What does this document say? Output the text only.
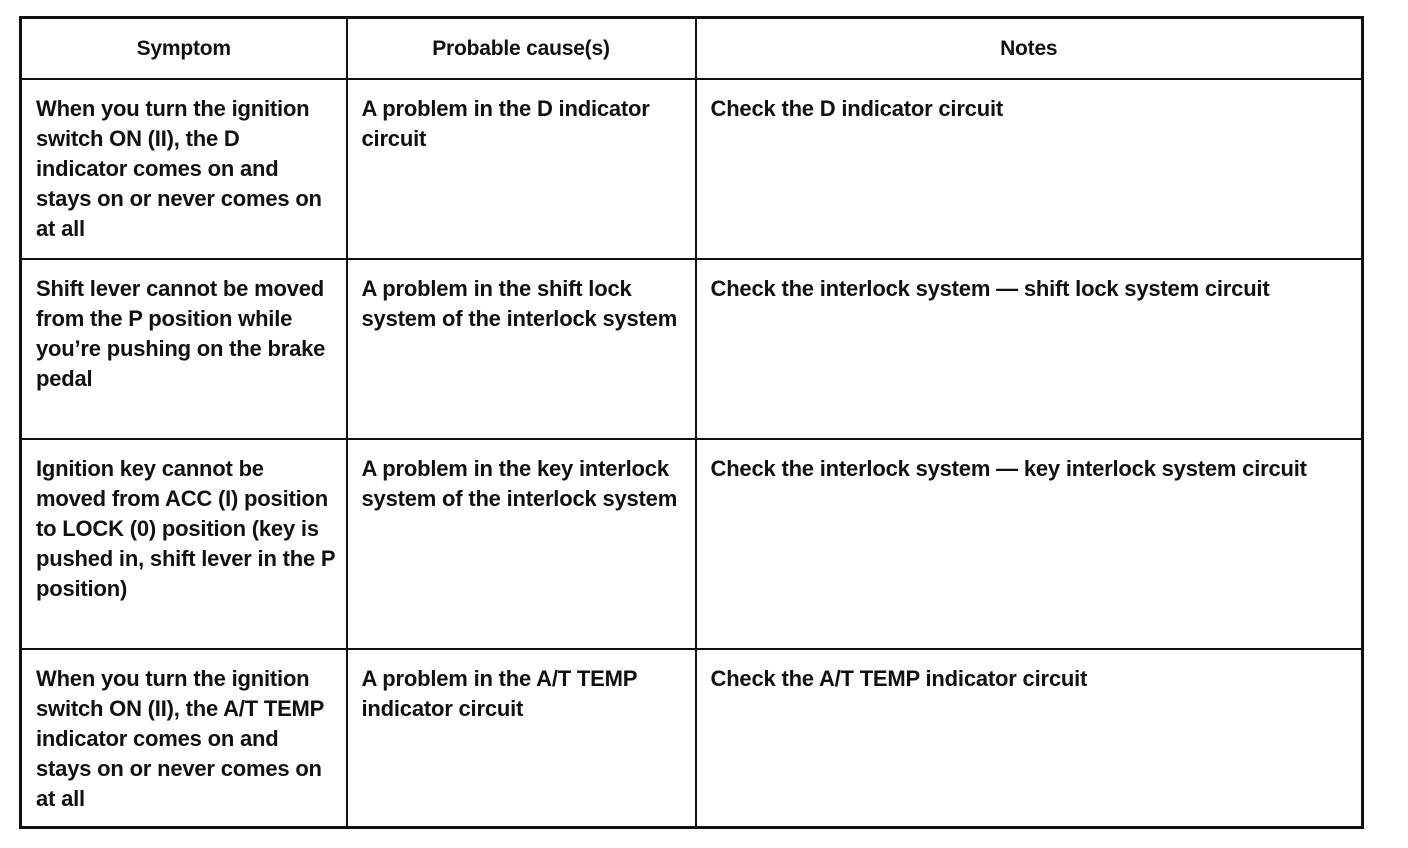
Symptom	Probable cause(s)	Notes
When you turn the ignition switch ON (II), the D indicator comes on and stays on or never comes on at all	A problem in the D indicator circuit	Check the D indicator circuit
Shift lever cannot be moved from the P position while you’re pushing on the brake pedal	A problem in the shift lock system of the interlock system	Check the interlock system — shift lock system circuit
Ignition key cannot be moved from ACC (I) position to LOCK (0) position (key is pushed in, shift lever in the P position)	A problem in the key interlock system of the interlock system	Check the interlock system — key interlock system circuit
When you turn the ignition switch ON (II), the A/T TEMP indicator comes on and stays on or never comes on at all	A problem in the A/T TEMP indicator circuit	Check the A/T TEMP indicator circuit
